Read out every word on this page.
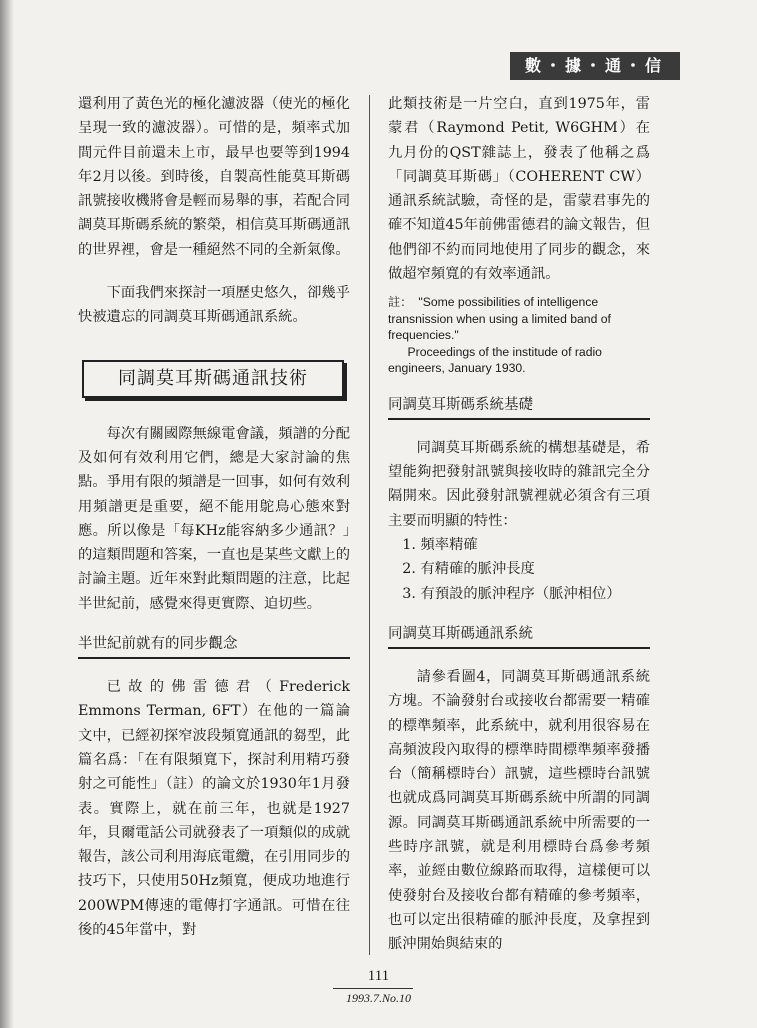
數・據・通・信

還利用了黃色光的極化濾波器（使光的極化呈現一致的濾波器）。可惜的是，頻率式加間元件目前還未上市，最早也要等到1994年2月以後。到時後，自製高性能莫耳斯碼訊號接收機將會是輕而易舉的事，若配合同調莫耳斯碼系統的繁榮，相信莫耳斯碼通訊的世界裡，會是一種絕然不同的全新氣像。

下面我們來探討一項歷史悠久，卻幾乎快被遺忘的同調莫耳斯碼通訊系統。

同調莫耳斯碼通訊技術

每次有關國際無線電會議，頻譜的分配及如何有效利用它們，總是大家討論的焦點。爭用有限的頻譜是一回事，如何有效利用頻譜更是重要，絕不能用鴕鳥心態來對應。所以像是「每KHz能容納多少通訊？」的這類問題和答案，一直也是某些文獻上的討論主題。近年來對此類問題的注意，比起半世紀前，感覺來得更實際、迫切些。

半世紀前就有的同步觀念

已故的佛雷德君（Frederick Emmons Terman, 6FT）在他的一篇論文中，已經初探窄波段頻寬通訊的芻型，此篇名爲：「在有限頻寬下，探討利用精巧發射之可能性」（註）的論文於1930年1月發表。實際上，就在前三年，也就是1927年，貝爾電話公司就發表了一項類似的成就報告，該公司利用海底電纜，在引用同步的技巧下，只使用50Hz頻寬，便成功地進行200WPM傳速的電傳打字通訊。可惜在往後的45年當中，對

此類技術是一片空白，直到1975年，雷蒙君（Raymond Petit, W6GHM）在九月份的QST雜誌上，發表了他稱之爲「同調莫耳斯碼」（COHERENT CW）通訊系統試驗，奇怪的是，雷蒙君事先的確不知道45年前佛雷德君的論文報告，但他們卻不約而同地使用了同步的觀念，來做超窄頻寬的有效率通訊。

註： "Some possibilities of intelligence transnission when using a limited band of frequencies."

Proceedings of the institude of radio engineers, January 1930.

同調莫耳斯碼系統基礎

同調莫耳斯碼系統的構想基礎是，希望能夠把發射訊號與接收時的雜訊完全分隔開來。因此發射訊號裡就必須含有三項主要而明顯的特性：

1. 頻率精確
2. 有精確的脈沖長度
3. 有預設的脈沖程序（脈沖相位）
同調莫耳斯碼通訊系統

請參看圖4，同調莫耳斯碼通訊系統方塊。不論發射台或接收台都需要一精確的標準頻率，此系統中，就利用很容易在高頻波段內取得的標準時間標準頻率發播台（簡稱標時台）訊號，這些標時台訊號也就成爲同調莫耳斯碼系統中所謂的同調源。同調莫耳斯碼通訊系統中所需要的一些時序訊號，就是利用標時台爲參考頻率，並經由數位線路而取得，這樣便可以使發射台及接收台都有精確的參考頻率，也可以定出很精確的脈沖長度，及拿捏到脈沖開始與結束的

111
1993.7.No.10
